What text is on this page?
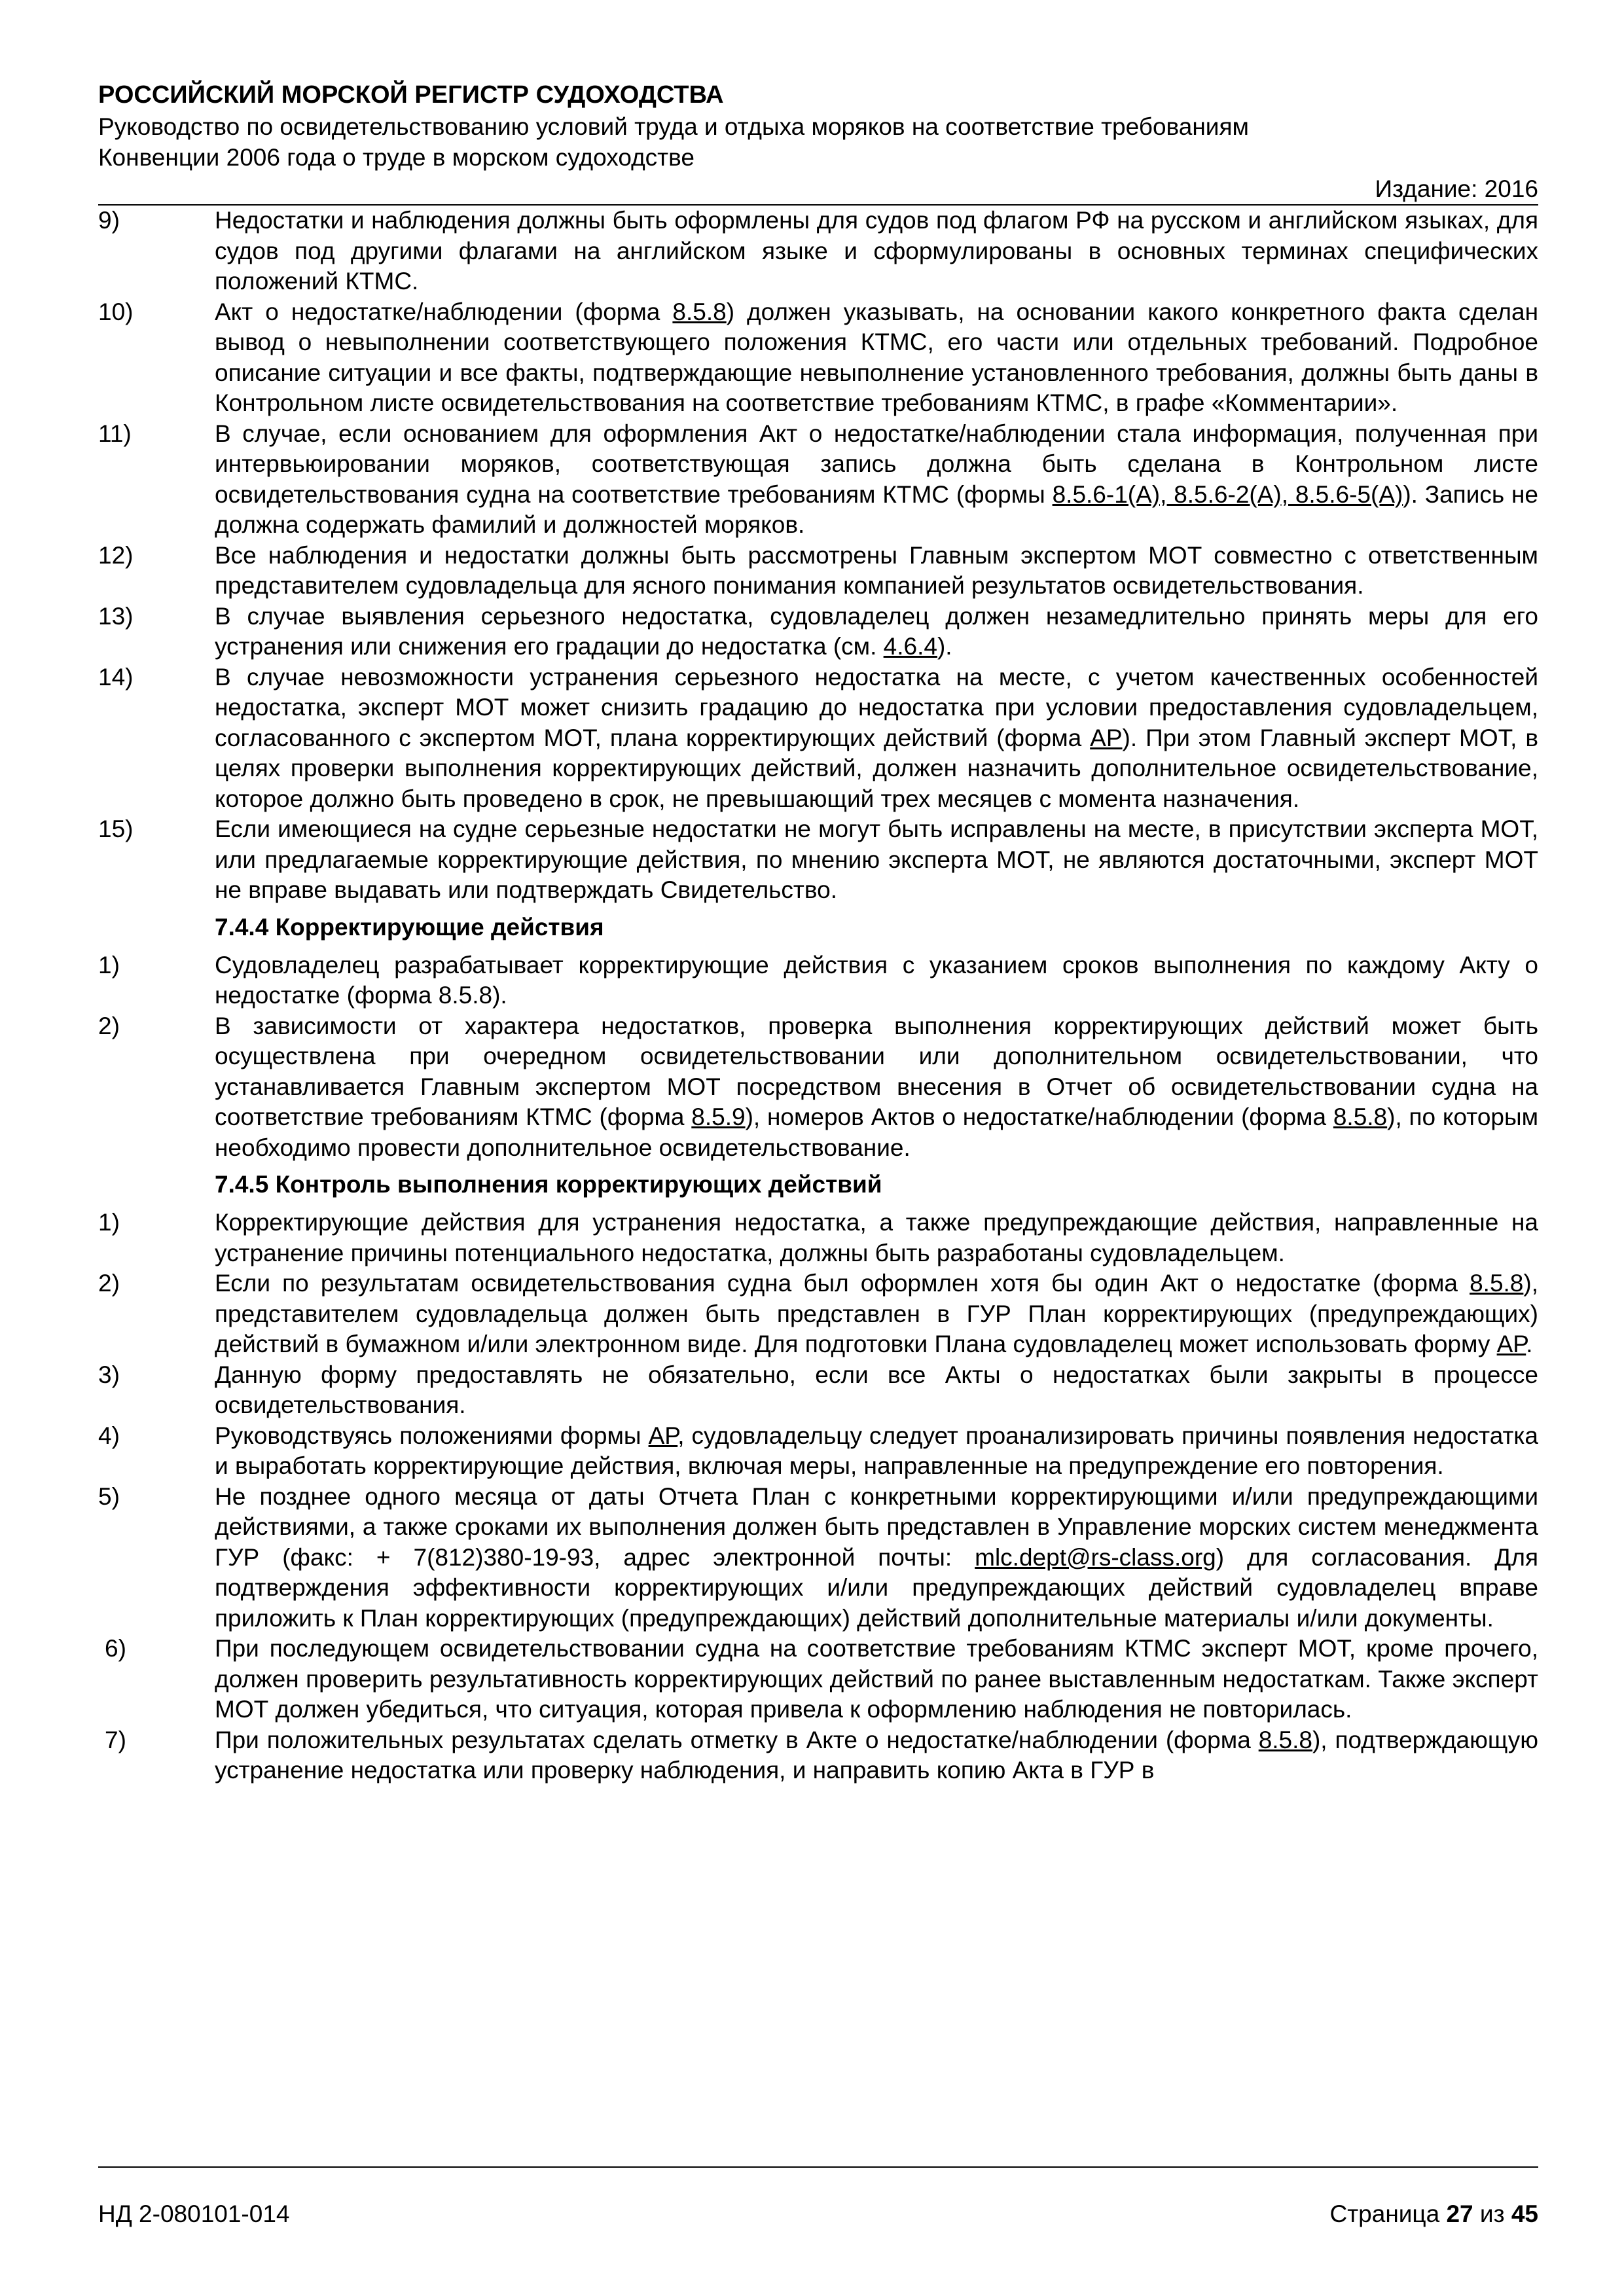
РОССИЙСКИЙ МОРСКОЙ РЕГИСТР СУДОХОДСТВА
Руководство по освидетельствованию условий труда и отдыха моряков на соответствие требованиям
Конвенции 2006 года о труде в морском судоходстве
Издание: 2016
9)	Недостатки и наблюдения должны быть оформлены для судов под флагом РФ на русском и английском языках, для судов под другими флагами на английском языке и сформулированы в основных терминах специфических положений КТМС.
10)	Акт о недостатке/наблюдении (форма 8.5.8) должен указывать, на основании какого конкретного факта сделан вывод о невыполнении соответствующего положения КТМС, его части или отдельных требований. Подробное описание ситуации и все факты, подтверждающие невыполнение установленного требования, должны быть даны в Контрольном листе освидетельствования на соответствие требованиям КТМС, в графе «Комментарии».
11)	В случае, если основанием для оформления Акт о недостатке/наблюдении стала информация, полученная при интервьюировании моряков, соответствующая запись должна быть сделана в Контрольном листе освидетельствования судна на соответствие требованиям КТМС (формы 8.5.6-1(A), 8.5.6-2(A), 8.5.6-5(A)). Запись не должна содержать фамилий и должностей моряков.
12)	Все наблюдения и недостатки должны быть рассмотрены Главным экспертом МОТ совместно с ответственным представителем судовладельца для ясного понимания компанией результатов освидетельствования.
13)	В случае выявления серьезного недостатка, судовладелец должен незамедлительно принять меры для его устранения или снижения его градации до недостатка (см. 4.6.4).
14)	В случае невозможности устранения серьезного недостатка на месте, с учетом качественных особенностей недостатка, эксперт МОТ может снизить градацию до недостатка при условии предоставления судовладельцем, согласованного с экспертом МОТ, плана корректирующих действий (форма AP). При этом Главный эксперт МОТ, в целях проверки выполнения корректирующих действий, должен назначить дополнительное освидетельствование, которое должно быть проведено в срок, не превышающий трех месяцев с момента назначения.
15)	Если имеющиеся на судне серьезные недостатки не могут быть исправлены на месте, в присутствии эксперта МОТ, или предлагаемые корректирующие действия, по мнению эксперта МОТ, не являются достаточными, эксперт МОТ не вправе выдавать или подтверждать Свидетельство.
7.4.4 Корректирующие действия
1)	Судовладелец разрабатывает корректирующие действия с указанием сроков выполнения по каждому Акту о недостатке (форма 8.5.8).
2)	В зависимости от характера недостатков, проверка выполнения корректирующих действий может быть осуществлена при очередном освидетельствовании или дополнительном освидетельствовании, что устанавливается Главным экспертом МОТ посредством внесения в Отчет об освидетельствовании судна на соответствие требованиям КТМС (форма 8.5.9), номеров Актов о недостатке/наблюдении (форма 8.5.8), по которым необходимо провести дополнительное освидетельствование.
7.4.5 Контроль выполнения корректирующих действий
1)	Корректирующие действия для устранения недостатка, а также предупреждающие действия, направленные на устранение причины потенциального недостатка, должны быть разработаны судовладельцем.
2)	Если по результатам освидетельствования судна был оформлен хотя бы один Акт о недостатке (форма 8.5.8), представителем судовладельца должен быть представлен в ГУР План корректирующих (предупреждающих) действий в бумажном и/или электронном виде. Для подготовки Плана судовладелец может использовать форму AP.
3)	Данную форму предоставлять не обязательно, если все Акты о недостатках были закрыты в процессе освидетельствования.
4)	Руководствуясь положениями формы AP, судовладельцу следует проанализировать причины появления недостатка и выработать корректирующие действия, включая меры, направленные на предупреждение его повторения.
5)	Не позднее одного месяца от даты Отчета План с конкретными корректирующими и/или предупреждающими действиями, а также сроками их выполнения должен быть представлен в Управление морских систем менеджмента ГУР (факс: + 7(812)380-19-93, адрес электронной почты: mlc.dept@rs-class.org) для согласования. Для подтверждения эффективности корректирующих и/или предупреждающих действий судовладелец вправе приложить к План корректирующих (предупреждающих) действий дополнительные материалы и/или документы.
6)	При последующем освидетельствовании судна на соответствие требованиям КТМС эксперт МОТ, кроме прочего, должен проверить результативность корректирующих действий по ранее выставленным недостаткам. Также эксперт МОТ должен убедиться, что ситуация, которая привела к оформлению наблюдения не повторилась.
7)	При положительных результатах сделать отметку в Акте о недостатке/наблюдении (форма 8.5.8), подтверждающую устранение недостатка или проверку наблюдения, и направить копию Акта в ГУР в
НД 2-080101-014	Страница 27 из 45
